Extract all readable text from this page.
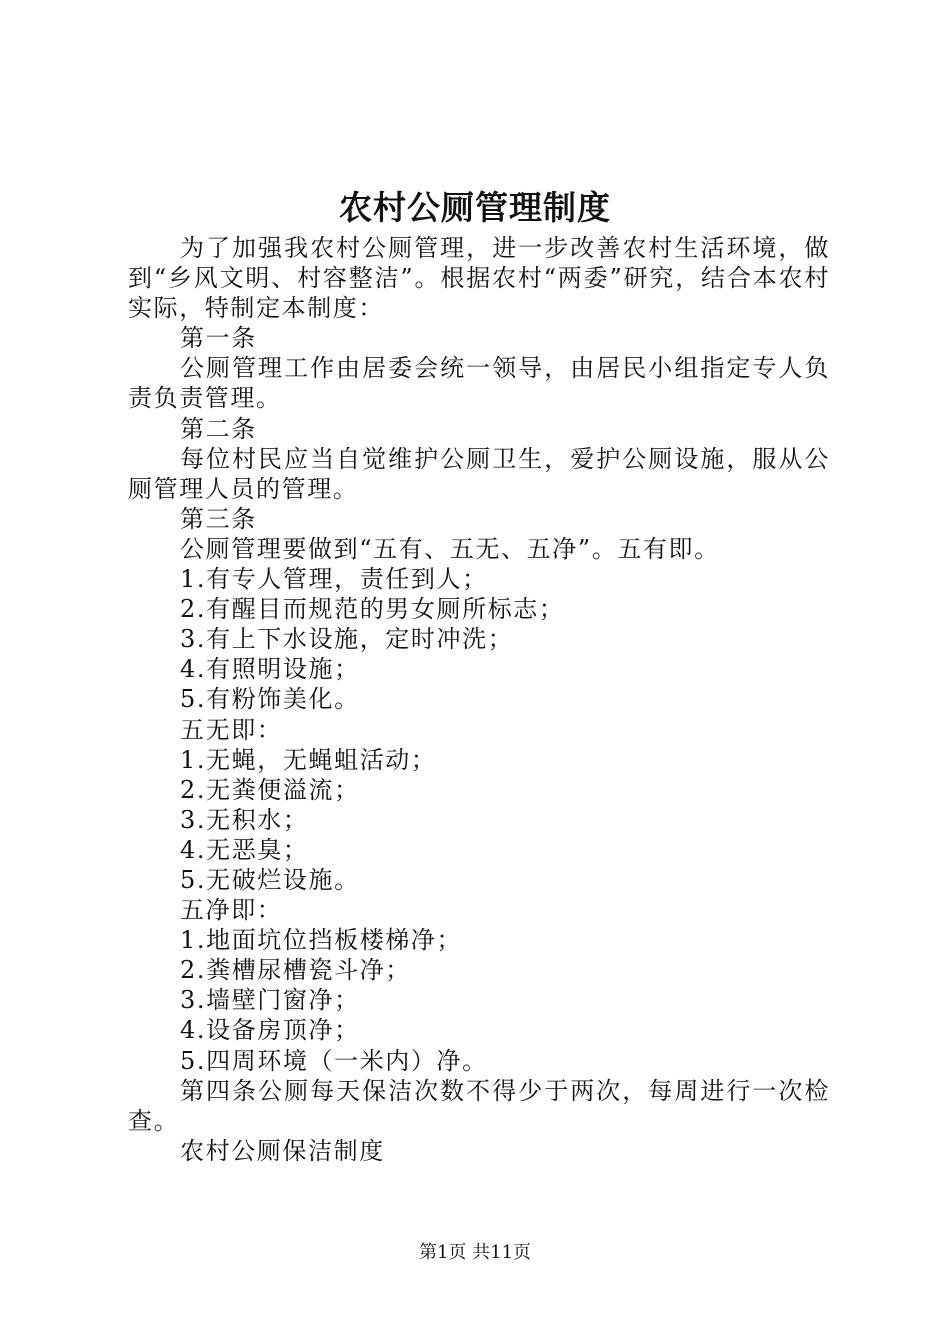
农村公厕管理制度

为了加强我农村公厕管理，进一步改善农村生活环境，做到“乡风文明、村容整洁”。根据农村“两委”研究，结合本农村实际，特制定本制度：

第一条

公厕管理工作由居委会统一领导，由居民小组指定专人负责负责管理。

第二条

每位村民应当自觉维护公厕卫生，爱护公厕设施，服从公厕管理人员的管理。

第三条

公厕管理要做到“五有、五无、五净”。五有即。

1.有专人管理，责任到人；

2.有醒目而规范的男女厕所标志；

3.有上下水设施，定时冲洗；

4.有照明设施；

5.有粉饰美化。

五无即：

1.无蝇，无蝇蛆活动；

2.无粪便溢流；

3.无积水；

4.无恶臭；

5.无破烂设施。

五净即：

1.地面坑位挡板楼梯净；

2.粪槽尿槽瓷斗净；

3.墙壁门窗净；

4.设备房顶净；

5.四周环境（一米内）净。

第四条公厕每天保洁次数不得少于两次，每周进行一次检查。

农村公厕保洁制度

第1页 共11页
